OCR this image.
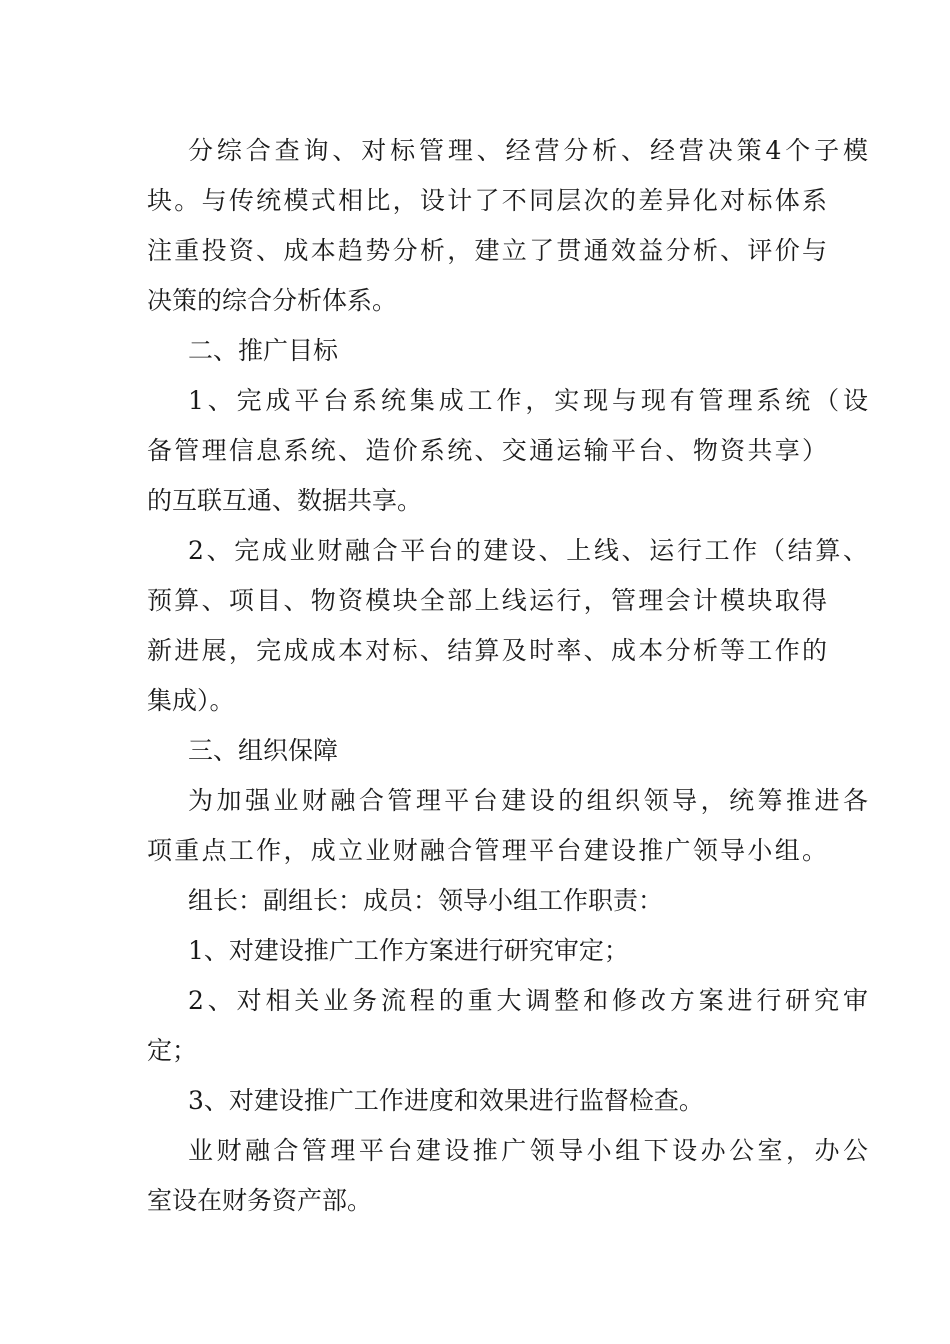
分综合查询、对标管理、经营分析、经营决策4个子模
块。与传统模式相比，设计了不同层次的差异化对标体系
注重投资、成本趋势分析，建立了贯通效益分析、评价与
决策的综合分析体系。
二、推广目标
1、完成平台系统集成工作，实现与现有管理系统（设
备管理信息系统、造价系统、交通运输平台、物资共享）
的互联互通、数据共享。
2、完成业财融合平台的建设、上线、运行工作（结算、
预算、项目、物资模块全部上线运行，管理会计模块取得
新进展，完成成本对标、结算及时率、成本分析等工作的
集成）。
三、组织保障
为加强业财融合管理平台建设的组织领导，统筹推进各
项重点工作，成立业财融合管理平台建设推广领导小组。
组长：副组长：成员：领导小组工作职责：
1、对建设推广工作方案进行研究审定；
2、对相关业务流程的重大调整和修改方案进行研究审
定；
3、对建设推广工作进度和效果进行监督检查。
业财融合管理平台建设推广领导小组下设办公室，办公
室设在财务资产部。
